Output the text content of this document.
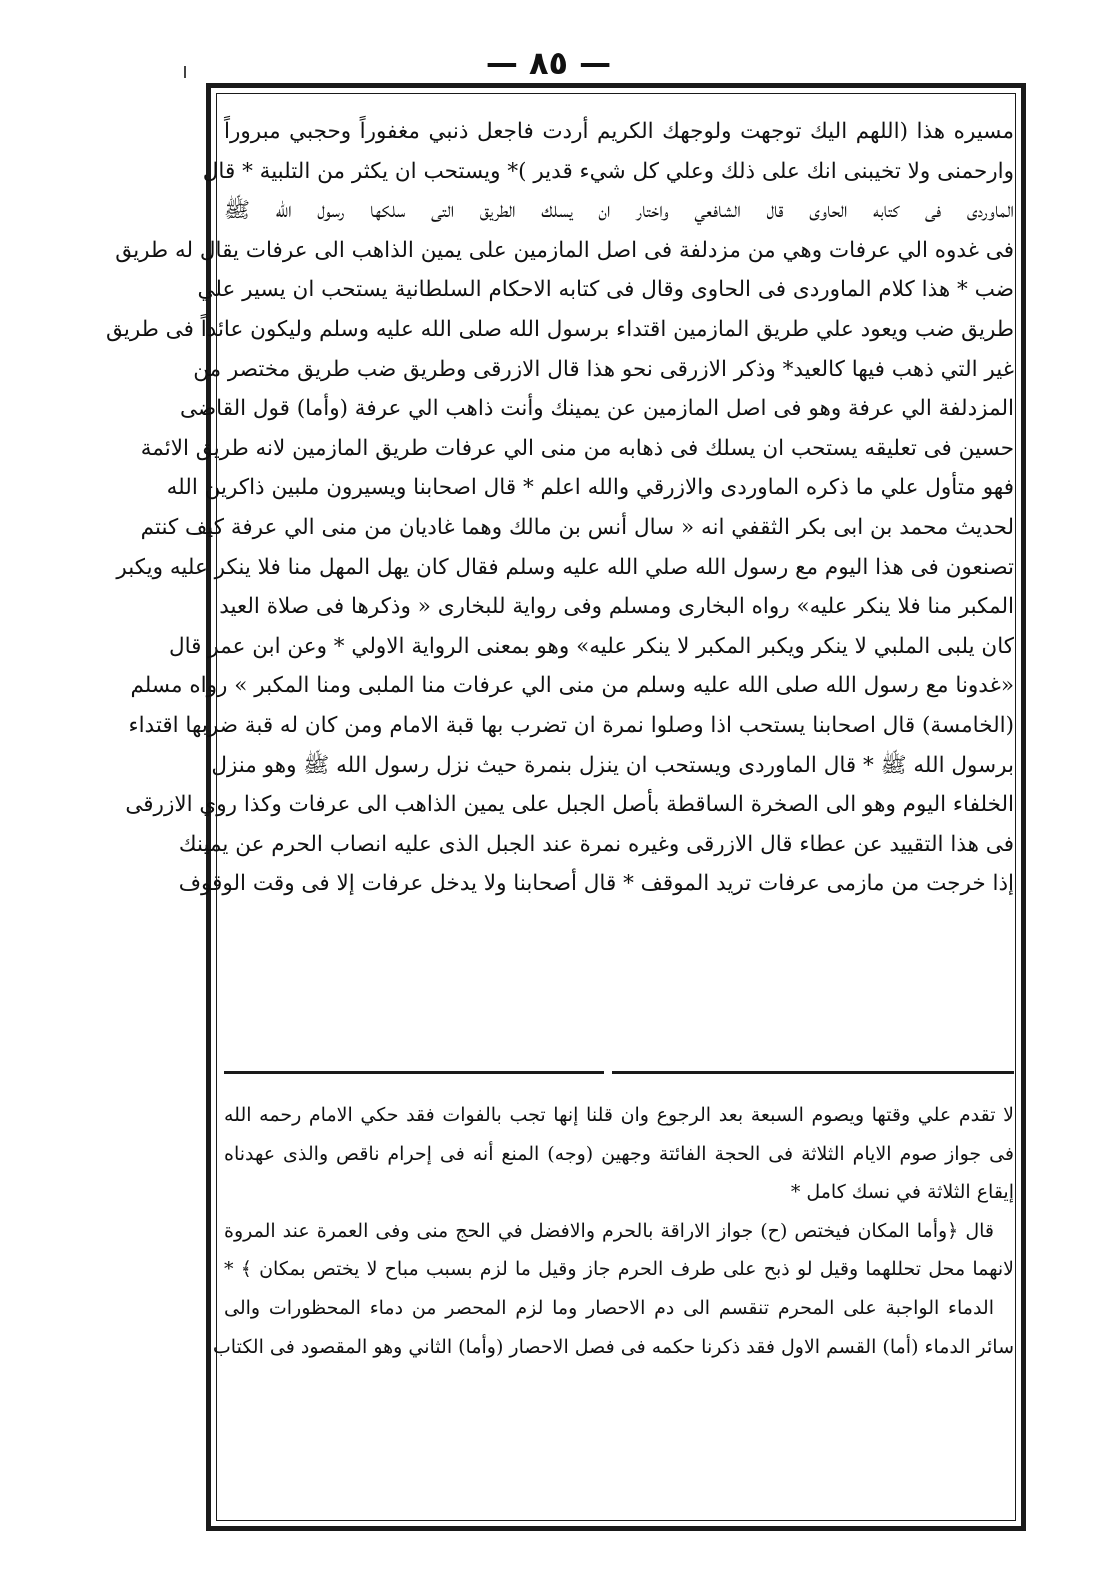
— ٨٥ —
مسيره هذا (اللهم اليك توجهت ولوجهك الكريم أردت فاجعل ذنبي مغفوراً وحجبي مبروراً
وارحمنى ولا تخيبنى انك على ذلك وعلي كل شيء قدير )* ويستحب ان يكثر من التلبية * قال
الماوردى فى كتابه الحاوى قال الشافعي واختار ان يسلك الطريق التى سلكها رسول الله ﷺ
فى غدوه الي عرفات وهي من مزدلفة فى اصل المازمين على يمين الذاهب الى عرفات يقال له طريق
ضب * هذا كلام الماوردى فى الحاوى وقال فى كتابه الاحكام السلطانية يستحب ان يسير علي
طريق ضب ويعود علي طريق المازمين اقتداء برسول الله صلى الله عليه وسلم وليكون عائداً فى طريق
غير التي ذهب فيها كالعيد* وذكر الازرقى نحو هذا قال الازرقى وطريق ضب طريق مختصر من
المزدلفة الي عرفة وهو فى اصل المازمين عن يمينك وأنت ذاهب الي عرفة (وأما) قول القاضى
حسين فى تعليقه يستحب ان يسلك فى ذهابه من منى الي عرفات طريق المازمين لانه طريق الائمة
فهو متأول علي ما ذكره الماوردى والازرقي والله اعلم * قال اصحابنا ويسيرون ملبين ذاكرين الله
لحديث محمد بن ابى بكر الثقفي انه « سال أنس بن مالك وهما غاديان من منى الي عرفة كيف كنتم
تصنعون فى هذا اليوم مع رسول الله صلي الله عليه وسلم فقال كان يهل المهل منا فلا ينكر عليه ويكبر
المكبر منا فلا ينكر عليه» رواه البخارى ومسلم وفى رواية للبخارى « وذكرها فى صلاة العيد
كان يلبى الملبي لا ينكر ويكبر المكبر لا ينكر عليه» وهو بمعنى الرواية الاولي * وعن ابن عمر قال
«غدونا مع رسول الله صلى الله عليه وسلم من منى الي عرفات منا الملبى ومنا المكبر » رواه مسلم
(الخامسة) قال اصحابنا يستحب اذا وصلوا نمرة ان تضرب بها قبة الامام ومن كان له قبة ضربها اقتداء
برسول الله ﷺ * قال الماوردى ويستحب ان ينزل بنمرة حيث نزل رسول الله ﷺ وهو منزل
الخلفاء اليوم وهو الى الصخرة الساقطة بأصل الجبل على يمين الذاهب الى عرفات وكذا روي الازرقى
فى هذا التقييد عن عطاء قال الازرقى وغيره نمرة عند الجبل الذى عليه انصاب الحرم عن يمينك
إذا خرجت من مازمى عرفات تريد الموقف * قال أصحابنا ولا يدخل عرفات إلا فى وقت الوقوف
لا تقدم علي وقتها ويصوم السبعة بعد الرجوع وان قلنا إنها تجب بالفوات فقد حكي الامام رحمه الله
فى جواز صوم الايام الثلاثة فى الحجة الفائتة وجهين (وجه) المنع أنه فى إحرام ناقص والذى عهدناه
إيقاع الثلاثة في نسك كامل *
قال ﴿وأما المكان فيختص (ح) جواز الاراقة بالحرم والافضل في الحج منى وفى العمرة عند المروة
لانهما محل تحللهما وقيل لو ذبح على طرف الحرم جاز وقيل ما لزم بسبب مباح لا يختص بمكان ﴾ *
الدماء الواجبة على المحرم تنقسم الى دم الاحصار وما لزم المحصر من دماء المحظورات والى
سائر الدماء (أما) القسم الاول فقد ذكرنا حكمه فى فصل الاحصار (وأما) الثاني وهو المقصود فى الكتاب
